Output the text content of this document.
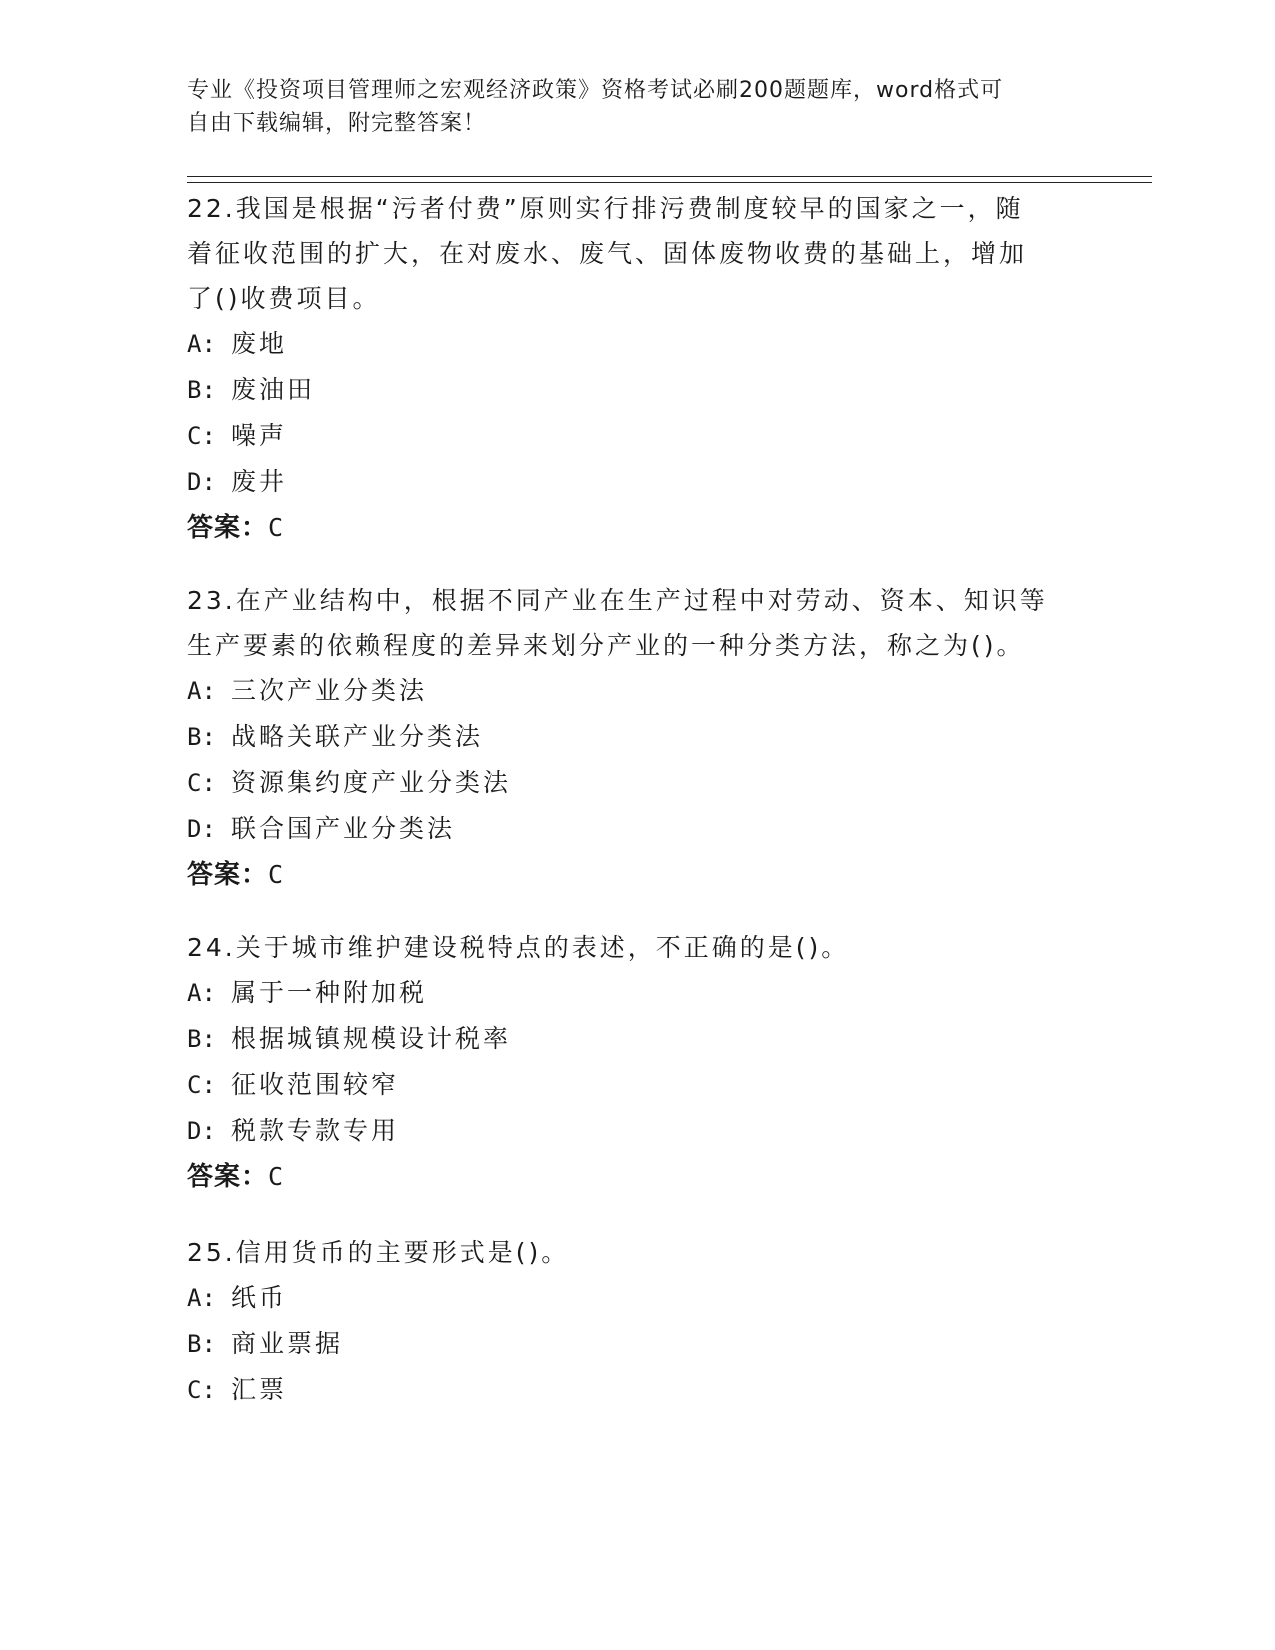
专业《投资项目管理师之宏观经济政策》资格考试必刷200题题库，word格式可
自由下载编辑，附完整答案！

22.我国是根据“污者付费”原则实行排污费制度较早的国家之一，随

着征收范围的扩大，在对废水、废气、固体废物收费的基础上，增加

了()收费项目。

A: 废地

B: 废油田

C: 噪声

D: 废井

答案：C

23.在产业结构中，根据不同产业在生产过程中对劳动、资本、知识等

生产要素的依赖程度的差异来划分产业的一种分类方法，称之为()。

A: 三次产业分类法

B: 战略关联产业分类法

C: 资源集约度产业分类法

D: 联合国产业分类法

答案：C

24.关于城市维护建设税特点的表述，不正确的是()。

A: 属于一种附加税

B: 根据城镇规模设计税率

C: 征收范围较窄

D: 税款专款专用

答案：C

25.信用货币的主要形式是()。

A: 纸币

B: 商业票据

C: 汇票
